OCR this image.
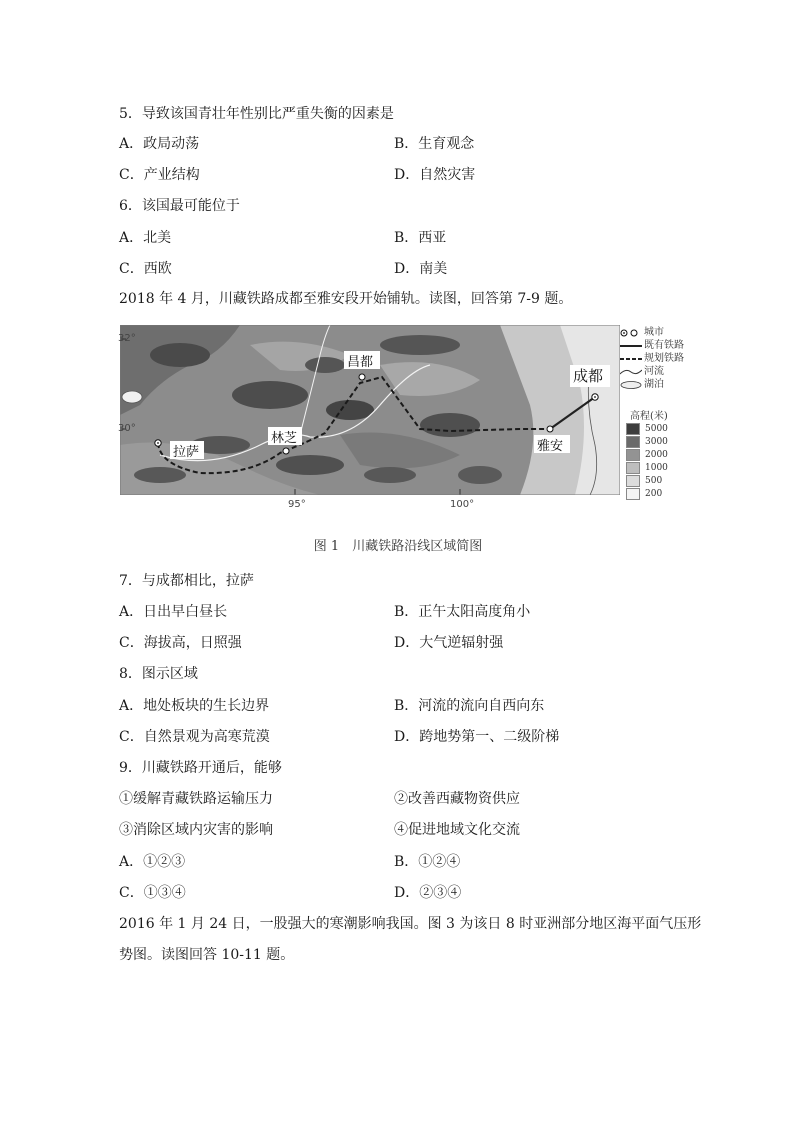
5．导致该国青壮年性别比严重失衡的因素是
A．政局动荡	B．生育观念
C．产业结构	D．自然灾害
6．该国最可能位于
A．北美	B．西亚
C．西欧	D．南美
2018 年 4 月，川藏铁路成都至雅安段开始铺轨。读图，回答第 7-9 题。
拉萨
林芝
昌都
成都
雅安
32°
30°
95°	100°
城市
既有铁路
规划铁路
河流
湖泊
高程(米)
5000
3000
2000
1000
500
200
图 1　川藏铁路沿线区域简图
7．与成都相比，拉萨
A．日出早白昼长	B．正午太阳高度角小
C．海拔高，日照强	D．大气逆辐射强
8．图示区域
A．地处板块的生长边界	B．河流的流向自西向东
C．自然景观为高寒荒漠	D．跨地势第一、二级阶梯
9．川藏铁路开通后，能够
①缓解青藏铁路运输压力	②改善西藏物资供应
③消除区域内灾害的影响	④促进地域文化交流
A．①②③	B．①②④
C．①③④	D．②③④
2016 年 1 月 24 日，一股强大的寒潮影响我国。图 3 为该日 8 时亚洲部分地区海平面气压形
势图。读图回答 10-11 题。
